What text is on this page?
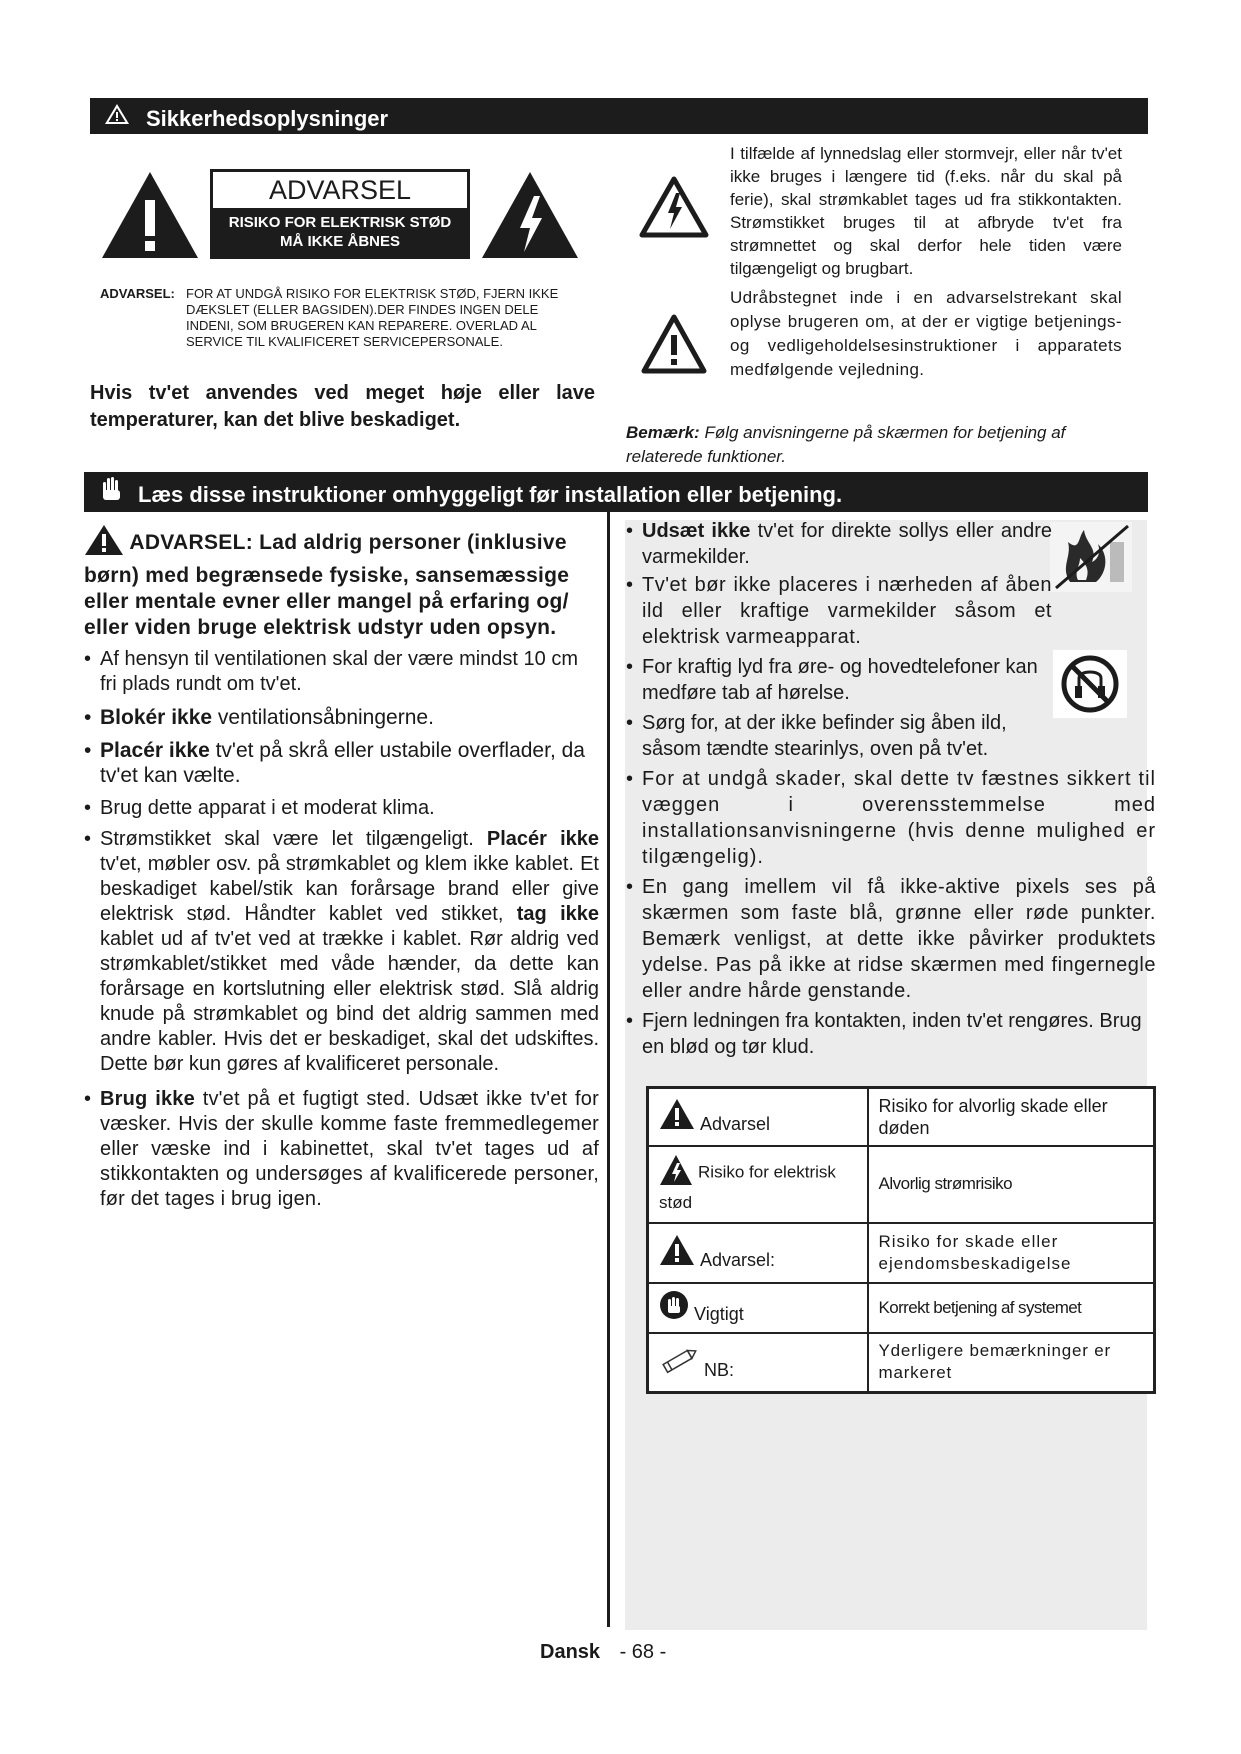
Sikkerhedsoplysninger
ADVARSEL
RISIKO FOR ELEKTRISK STØD
MÅ IKKE ÅBNES
ADVARSEL: FOR AT UNDGÅ RISIKO FOR ELEKTRISK STØD, FJERN IKKE DÆKSLET (ELLER BAGSIDEN).DER FINDES INGEN DELE INDENI, SOM BRUGEREN KAN REPARERE. OVERLAD AL SERVICE TIL KVALIFICERET SERVICEPERSONALE.
Hvis tv'et anvendes ved meget høje eller lave temperaturer, kan det blive beskadiget.
I tilfælde af lynnedslag eller stormvejr, eller når tv'et ikke bruges i længere tid (f.eks. når du skal på ferie), skal strømkablet tages ud fra stikkontakten. Strømstikket bruges til at afbryde tv'et fra strømnettet og skal derfor hele tiden være tilgængeligt og brugbart.
Udråbstegnet inde i en advarselstrekant skal oplyse brugeren om, at der er vigtige betjenings- og vedligeholdelsesinstruktioner i apparatets medfølgende vejledning.
Bemærk: Følg anvisningerne på skærmen for betjening af relaterede funktioner.
Læs disse instruktioner omhyggeligt før installation eller betjening.
ADVARSEL: Lad aldrig personer (inklusive børn) med begrænsede fysiske, sansemæssige eller mentale evner eller mangel på erfaring og/ eller viden bruge elektrisk udstyr uden opsyn.
• Af hensyn til ventilationen skal der være mindst 10 cm fri plads rundt om tv'et.
• Blokér ikke ventilationsåbningerne.
• Placér ikke tv'et på skrå eller ustabile overflader, da tv'et kan vælte.
• Brug dette apparat i et moderat klima.
• Strømstikket skal være let tilgængeligt. Placér ikke tv'et, møbler osv. på strømkablet og klem ikke kablet. Et beskadiget kabel/stik kan forårsage brand eller give elektrisk stød. Håndter kablet ved stikket, tag ikke kablet ud af tv'et ved at trække i kablet. Rør aldrig ved strømkablet/stikket med våde hænder, da dette kan forårsage en kortslutning eller elektrisk stød. Slå aldrig knude på strømkablet og bind det aldrig sammen med andre kabler. Hvis det er beskadiget, skal det udskiftes. Dette bør kun gøres af kvalificeret personale.
• Brug ikke tv'et på et fugtigt sted. Udsæt ikke tv'et for væsker. Hvis der skulle komme faste fremmedlegemer eller væske ind i kabinettet, skal tv'et tages ud af stikkontakten og undersøges af kvalificerede personer, før det tages i brug igen.
• Udsæt ikke tv'et for direkte sollys eller andre varmekilder.
• Tv'et bør ikke placeres i nærheden af åben ild eller kraftige varmekilder såsom et elektrisk varmeapparat.
• For kraftig lyd fra øre- og hovedtelefoner kan medføre tab af hørelse.
• Sørg for, at der ikke befinder sig åben ild, såsom tændte stearinlys, oven på tv'et.
• For at undgå skader, skal dette tv fæstnes sikkert til væggen i overensstemmelse med installationsanvisningerne (hvis denne mulighed er tilgængelig).
• En gang imellem vil få ikke-aktive pixels ses på skærmen som faste blå, grønne eller røde punkter. Bemærk venligst, at dette ikke påvirker produktets ydelse. Pas på ikke at ridse skærmen med fingernegle eller andre hårde genstande.
• Fjern ledningen fra kontakten, inden tv'et rengøres. Brug en blød og tør klud.
Advarsel	Risiko for alvorlig skade eller døden
Risiko for elektrisk stød	Alvorlig strømrisiko
Advarsel:	Risiko for skade eller ejendomsbeskadigelse
Vigtigt	Korrekt betjening af systemet
NB:	Yderligere bemærkninger er markeret
Dansk - 68 -
